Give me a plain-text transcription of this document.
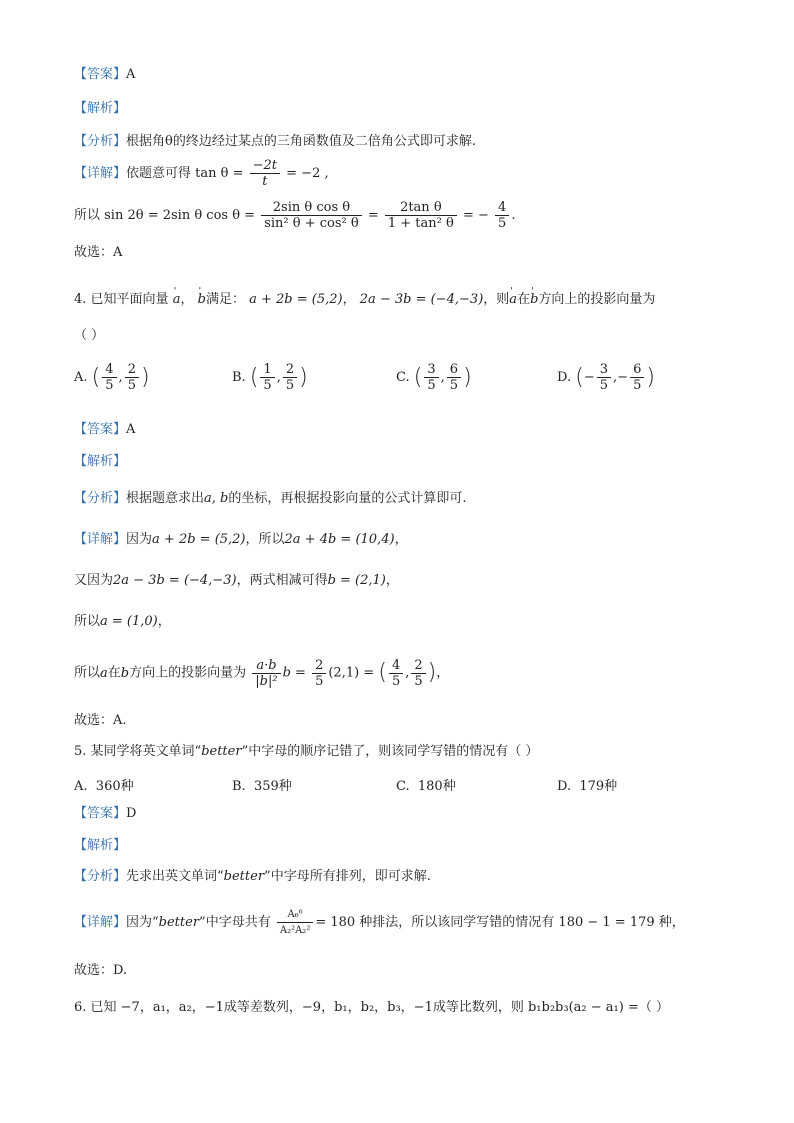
【答案】A
【解析】
【分析】根据角θ的终边经过某点的三角函数值及二倍角公式即可求解.
【详解】依题意可得 $\tan \theta = \frac{-2t}{t} = -2$ ,
所以 sin 2θ = 2sin θ $\cos \theta = \frac{\text{2sin θ cos θ}}{\text{sin² θ + cos² θ}} = \frac{\text{2tan θ}}{\text{1 + tan² θ}}$ = − $\frac{4}{5}$ .
故选：A
4. 已知平面向量 ' a， ' b满足： a + 2b = (5,2)， 2a − 3b = (−4,−3)，则' a在' b方向上的投影向量为
（ ）
A. ( $\frac{4}{5}$ , $\frac{2}{5}$ )	B. ( $\frac{1}{5}$ , $\frac{2}{5}$ )	C. ( $\frac{3}{5}$ , $\frac{6}{5}$ )	D. (− $\frac{3}{5}$ ,− $\frac{6}{5}$ )
【答案】A
【解析】
【分析】根据题意求出a, b的坐标，再根据投影向量的公式计算即可.
【详解】因为a + 2b = (5,2)，所以2a + 4b = (10,4)，
又因为2a − 3b = (−4,−3)，两式相减可得b = (2,1)，
所以a = (1,0)，
所以' a在' b方向上的投影向量为 $\frac{a\cdot b}{\text{|b|²}}$ $b = \frac{2}{5} (2,1)$ = ( $\frac{4}{5}$ , $\frac{2}{5}$ )，
故选：A.
5. 某同学将英文单词“better”中字母的顺序记错了，则该同学写错的情况有（ ）
A. 360种	B. 359种	C. 180种	D. 179种
【答案】D
【解析】
【分析】先求出英文单词“better”中字母所有排列，即可求解.
【详解】因为“better”中字母共有 $\frac{\text{A₆⁶}}{\text{A₂²A₂²}} = 180$ 种排法，所以该同学写错的情况有 180 − 1 = 179 种，
故选：D.
6. 已知 −7，a₁，a₂，−1成等差数列，−9，b₁，b₂，b₃，−1成等比数列，则 b₁b₂b₃(a₂ − a₁) =（ ）
